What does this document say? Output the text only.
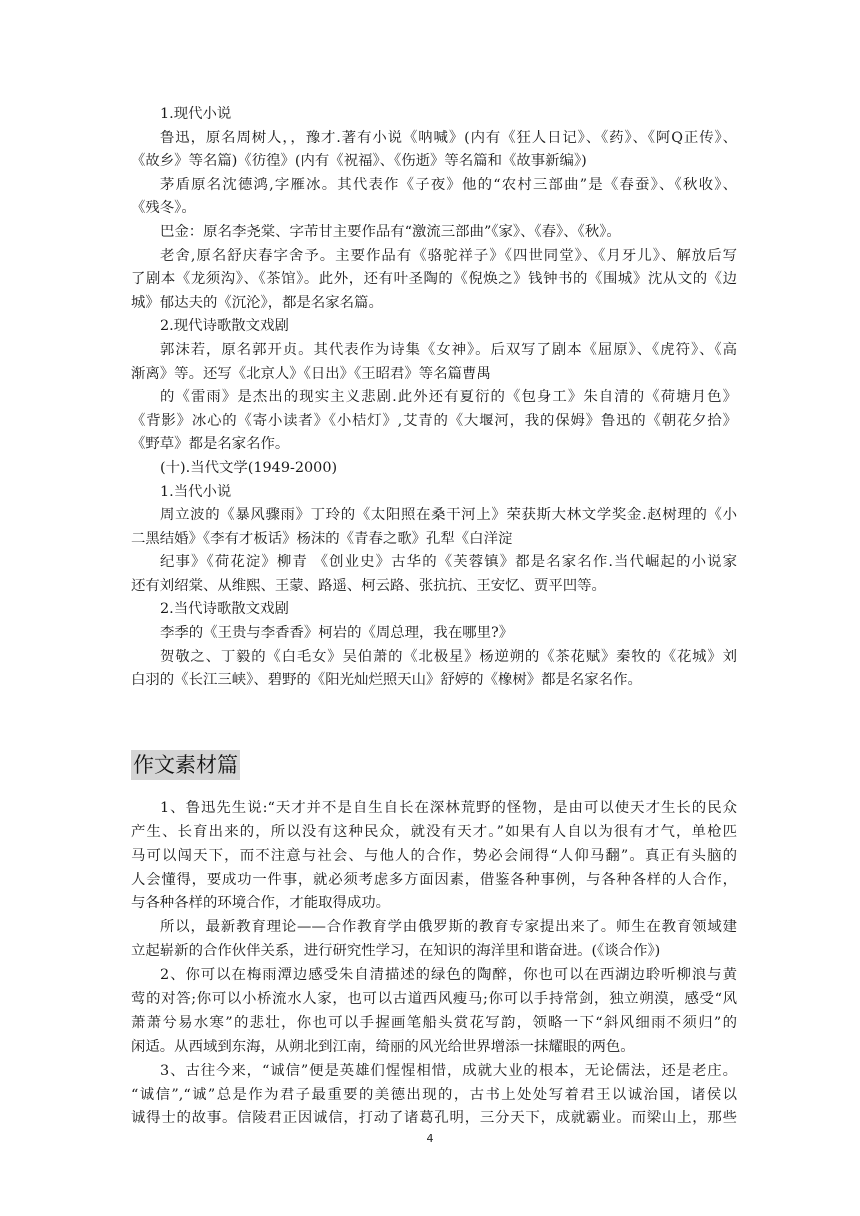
1.现代小说
鲁迅，原名周树人，，豫才.著有小说《呐喊》(内有《狂人日记》、《药》、《阿Q正传》、
《故乡》等名篇)《彷徨》(内有《祝福》、《伤逝》等名篇和《故事新编》)
茅盾原名沈德鸿,字雁冰。其代表作《子夜》他的“农村三部曲”是《春蚕》、《秋收》、
《残冬》。
巴金：原名李尧棠、字芾甘主要作品有“激流三部曲”《家》、《春》、《秋》。
老舍,原名舒庆春字舍予。主要作品有《骆驼祥子》《四世同堂》、《月牙儿》、解放后写
了剧本《龙须沟》、《茶馆》。此外，还有叶圣陶的《倪焕之》钱钟书的《围城》沈从文的《边
城》郁达夫的《沉沦》，都是名家名篇。
2.现代诗歌散文戏剧
郭沫若，原名郭开贞。其代表作为诗集《女神》。后双写了剧本《屈原》、《虎符》、《高
渐离》等。还写《北京人》《日出》《王昭君》等名篇曹禺
的《雷雨》是杰出的现实主义悲剧.此外还有夏衍的《包身工》朱自清的《荷塘月色》
《背影》冰心的《寄小读者》《小桔灯》,艾青的《大堰河，我的保姆》鲁迅的《朝花夕拾》
《野草》都是名家名作。
(十).当代文学(1949-2000)
1.当代小说
周立波的《暴风骤雨》丁玲的《太阳照在桑干河上》荣获斯大林文学奖金.赵树理的《小
二黑结婚》《李有才板话》杨沫的《青春之歌》孔犁《白洋淀
纪事》《荷花淀》柳青 《创业史》古华的《芙蓉镇》都是名家名作.当代崛起的小说家
还有刘绍棠、从维熙、王蒙、路遥、柯云路、张抗抗、王安忆、贾平凹等。
2.当代诗歌散文戏剧
李季的《王贵与李香香》柯岩的《周总理，我在哪里?》
贺敬之、丁毅的《白毛女》吴伯萧的《北极星》杨逆朔的《茶花赋》秦牧的《花城》刘
白羽的《长江三峡》、碧野的《阳光灿烂照天山》舒婷的《橡树》都是名家名作。
作文素材篇
1、鲁迅先生说:“天才并不是自生自长在深林荒野的怪物，是由可以使天才生长的民众
产生、长育出来的，所以没有这种民众，就没有天才。”如果有人自以为很有才气，单枪匹
马可以闯天下，而不注意与社会、与他人的合作，势必会闹得“人仰马翻”。真正有头脑的
人会懂得，要成功一件事，就必须考虑多方面因素，借鉴各种事例，与各种各样的人合作，
与各种各样的环境合作，才能取得成功。
所以，最新教育理论——合作教育学由俄罗斯的教育专家提出来了。师生在教育领域建
立起崭新的合作伙伴关系，进行研究性学习，在知识的海洋里和谐奋进。(《谈合作》)
2、你可以在梅雨潭边感受朱自清描述的绿色的陶醉，你也可以在西湖边聆听柳浪与黄
莺的对答;你可以小桥流水人家，也可以古道西风瘦马;你可以手持常剑，独立朔漠，感受“风
萧萧兮易水寒”的悲壮，你也可以手握画笔船头赏花写韵，领略一下“斜风细雨不须归”的
闲适。从西域到东海，从朔北到江南，绮丽的风光给世界增添一抹耀眼的两色。
3、古往今来，“诚信”便是英雄们惺惺相惜，成就大业的根本，无论儒法，还是老庄。
“诚信”,“诚”总是作为君子最重要的美德出现的，古书上处处写着君王以诚治国，诸侯以
诚得士的故事。信陵君正因诚信，打动了诸葛孔明，三分天下，成就霸业。而梁山上，那些
4
